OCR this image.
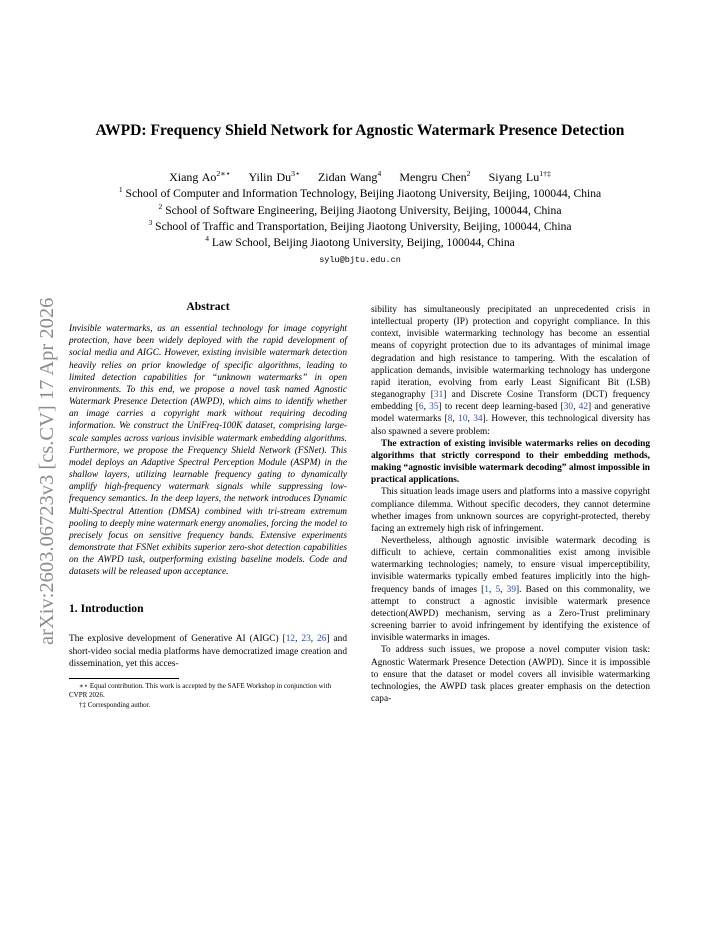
AWPD: Frequency Shield Network for Agnostic Watermark Presence Detection
Xiang $Ao^{2∗⋆}$ Yilin $Du^{3⋆}$ Zidan Wang$^4$ Mengru Chen$^2$ Siyang $Lu^{1\dagger\ddagger}$
$^1$ School of Computer and Information Technology, Beijing Jiaotong University, Beijing, 100044, China
$^2$ School of Software Engineering, Beijing Jiaotong University, Beijing, 100044, China
$^3$ School of Traffic and Transportation, Beijing Jiaotong University, Beijing, 100044, China
$^4$ Law School, Beijing Jiaotong University, Beijing, 100044, China
sylu@bjtu.edu.cn
arXiv:2603.06723v3 [cs.CV] 17 Apr 2026	Abstract

Invisible watermarks, as an essential technology for image copyright protection, have been widely deployed with the rapid development of social media and AIGC. However, existing invisible watermark detection heavily relies on prior knowledge of specific algorithms, leading to limited detection capabilities for “unknown watermarks” in open environments. To this end, we propose a novel task named Agnostic Watermark Presence Detection (AWPD), which aims to identify whether an image carries a copyright mark without requiring decoding information. We construct the UniFreq-100K dataset, comprising large-scale samples across various invisible watermark embedding algorithms. Furthermore, we propose the Frequency Shield Network (FSNet). This model deploys an Adaptive Spectral Perception Module (ASPM) in the shallow layers, utilizing learnable frequency gating to dynamically amplify high-frequency watermark signals while suppressing low-frequency semantics. In the deep layers, the network introduces Dynamic Multi-Spectral Attention (DMSA) combined with tri-stream extremum pooling to deeply mine watermark energy anomalies, forcing the model to precisely focus on sensitive frequency bands. Extensive experiments demonstrate that FSNet exhibits superior zero-shot detection capabilities on the AWPD task, outperforming existing baseline models. Code and datasets will be released upon acceptance.

1. Introduction

The explosive development of Generative AI (AIGC) [12, 23, 26] and short-video social media platforms have democratized image creation and dissemination, yet this acces-

∗⋆ Equal contribution. This work is accepted by the SAFE Workshop in conjunction with CVPR 2026.
†‡ Corresponding author.

sibility has simultaneously precipitated an unprecedented crisis in intellectual property (IP) protection and copyright compliance. In this context, invisible watermarking technology has become an essential means of copyright protection due to its advantages of minimal image degradation and high resistance to tampering. With the escalation of application demands, invisible watermarking technology has undergone rapid iteration, evolving from early Least Significant Bit (LSB) steganography [31] and Discrete Cosine Transform (DCT) frequency embedding [6, 35] to recent deep learning-based [30, 42] and generative model watermarks [8, 10, 34]. However, this technological diversity has also spawned a severe problem:

The extraction of existing invisible watermarks relies on decoding algorithms that strictly correspond to their embedding methods, making “agnostic invisible watermark decoding” almost impossible in practical applications.

This situation leads image users and platforms into a massive copyright compliance dilemma. Without specific decoders, they cannot determine whether images from unknown sources are copyright-protected, thereby facing an extremely high risk of infringement.

Nevertheless, although agnostic invisible watermark decoding is difficult to achieve, certain commonalities exist among invisible watermarking technologies; namely, to ensure visual imperceptibility, invisible watermarks typically embed features implicitly into the high-frequency bands of images [1, 5, 39]. Based on this commonality, we attempt to construct a agnostic invisible watermark presence detection(AWPD) mechanism, serving as a Zero-Trust preliminary screening barrier to avoid infringement by identifying the existence of invisible watermarks in images.

To address such issues, we propose a novel computer vision task: Agnostic Watermark Presence Detection (AWPD). Since it is impossible to ensure that the dataset or model covers all invisible watermarking technologies, the AWPD task places greater emphasis on the detection capa-
